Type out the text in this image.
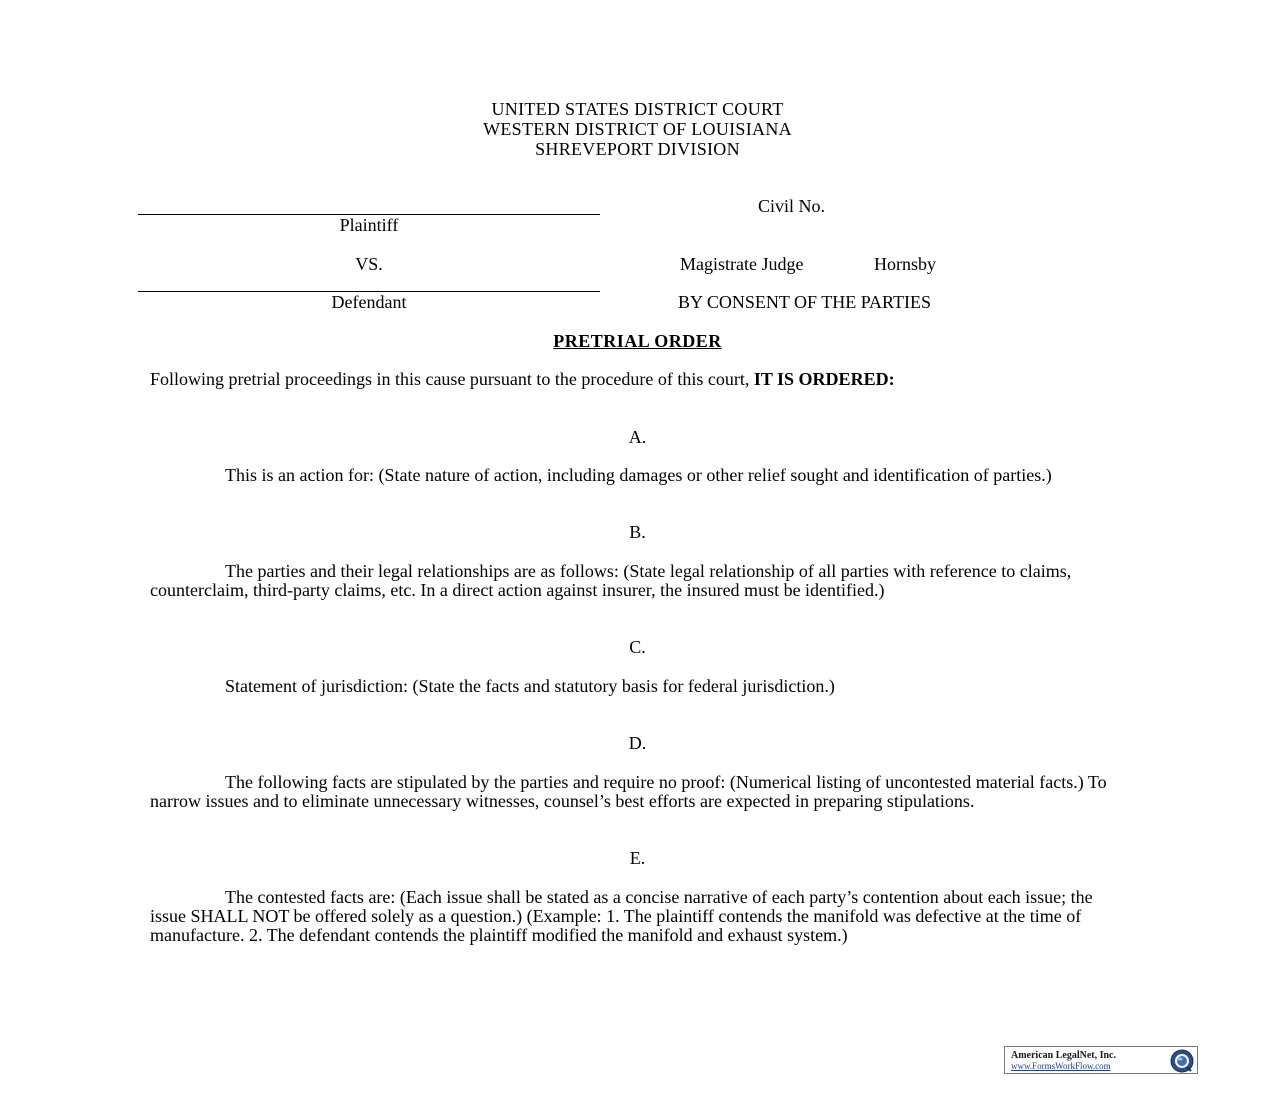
UNITED STATES DISTRICT COURT
WESTERN DISTRICT OF LOUISIANA
SHREVEPORT DIVISION
Plaintiff
VS.
Defendant
Civil No.
Magistrate Judge	Hornsby
BY CONSENT OF THE PARTIES
PRETRIAL ORDER
Following pretrial proceedings in this cause pursuant to the procedure of this court, IT IS ORDERED:
A.
This is an action for: (State nature of action, including damages or other relief sought and identification of parties.)
B.
The parties and their legal relationships are as follows: (State legal relationship of all parties with reference to claims, counterclaim, third-party claims, etc. In a direct action against insurer, the insured must be identified.)
C.
Statement of jurisdiction: (State the facts and statutory basis for federal jurisdiction.)
D.
The following facts are stipulated by the parties and require no proof: (Numerical listing of uncontested material facts.) To narrow issues and to eliminate unnecessary witnesses, counsel’s best efforts are expected in preparing stipulations.
E.
The contested facts are: (Each issue shall be stated as a concise narrative of each party’s contention about each issue; the issue SHALL NOT be offered solely as a question.) (Example: 1. The plaintiff contends the manifold was defective at the time of manufacture. 2. The defendant contends the plaintiff modified the manifold and exhaust system.)
American LegalNet, Inc.
www.FormsWorkFlow.com
